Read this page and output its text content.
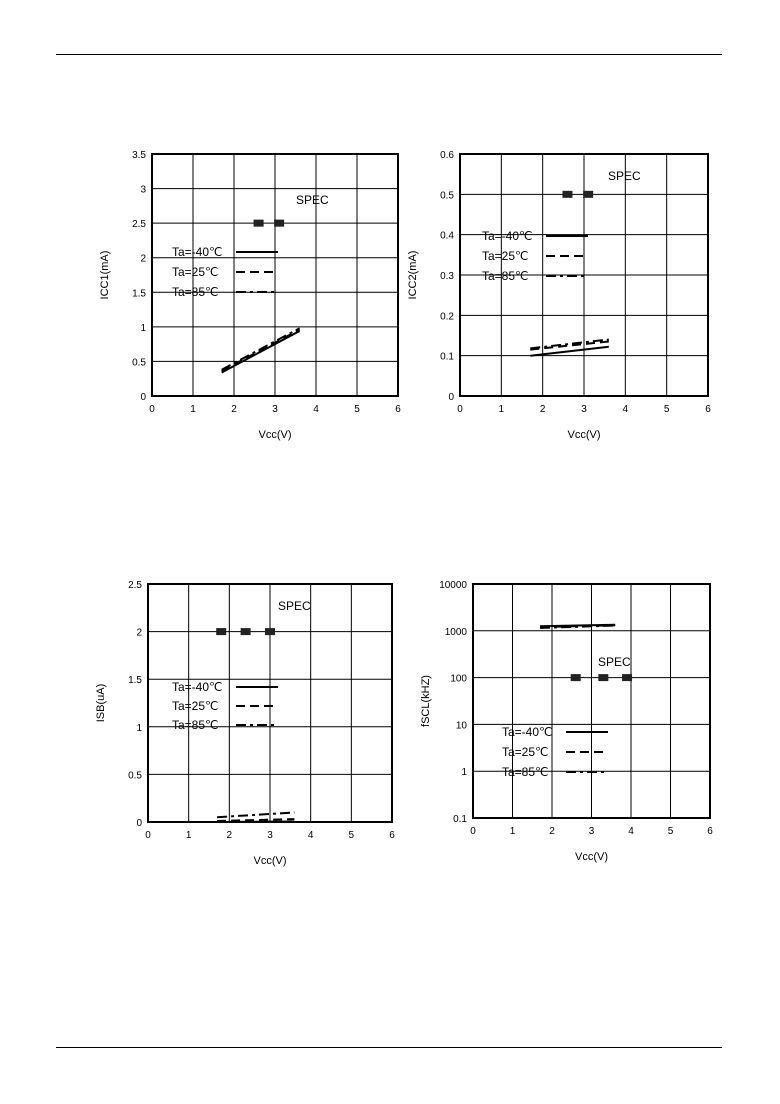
0	1	2	3	4	5	6
0
0.5
1
1.5
2
2.5
3
3.5
Vcc(V)
ICC1(mA)
SPEC
Ta=-40℃
Ta=25℃
Ta=85℃
0	1	2	3	4	5	6
0
0.1
0.2
0.3
0.4
0.5
0.6
Vcc(V)
ICC2(mA)
SPEC
Ta=-40℃
Ta=25℃
Ta=85℃
0	1	2	3	4	5	6
0
0.5
1
1.5
2
2.5
Vcc(V)
ISB(uA)
SPEC
Ta=-40℃
Ta=25℃
Ta=85℃
0	1	2	3	4	5	6
0.1
1
10
100
1000
10000
Vcc(V)
fSCL(kHZ)
SPEC
Ta=-40℃
Ta=25℃
Ta=85℃
